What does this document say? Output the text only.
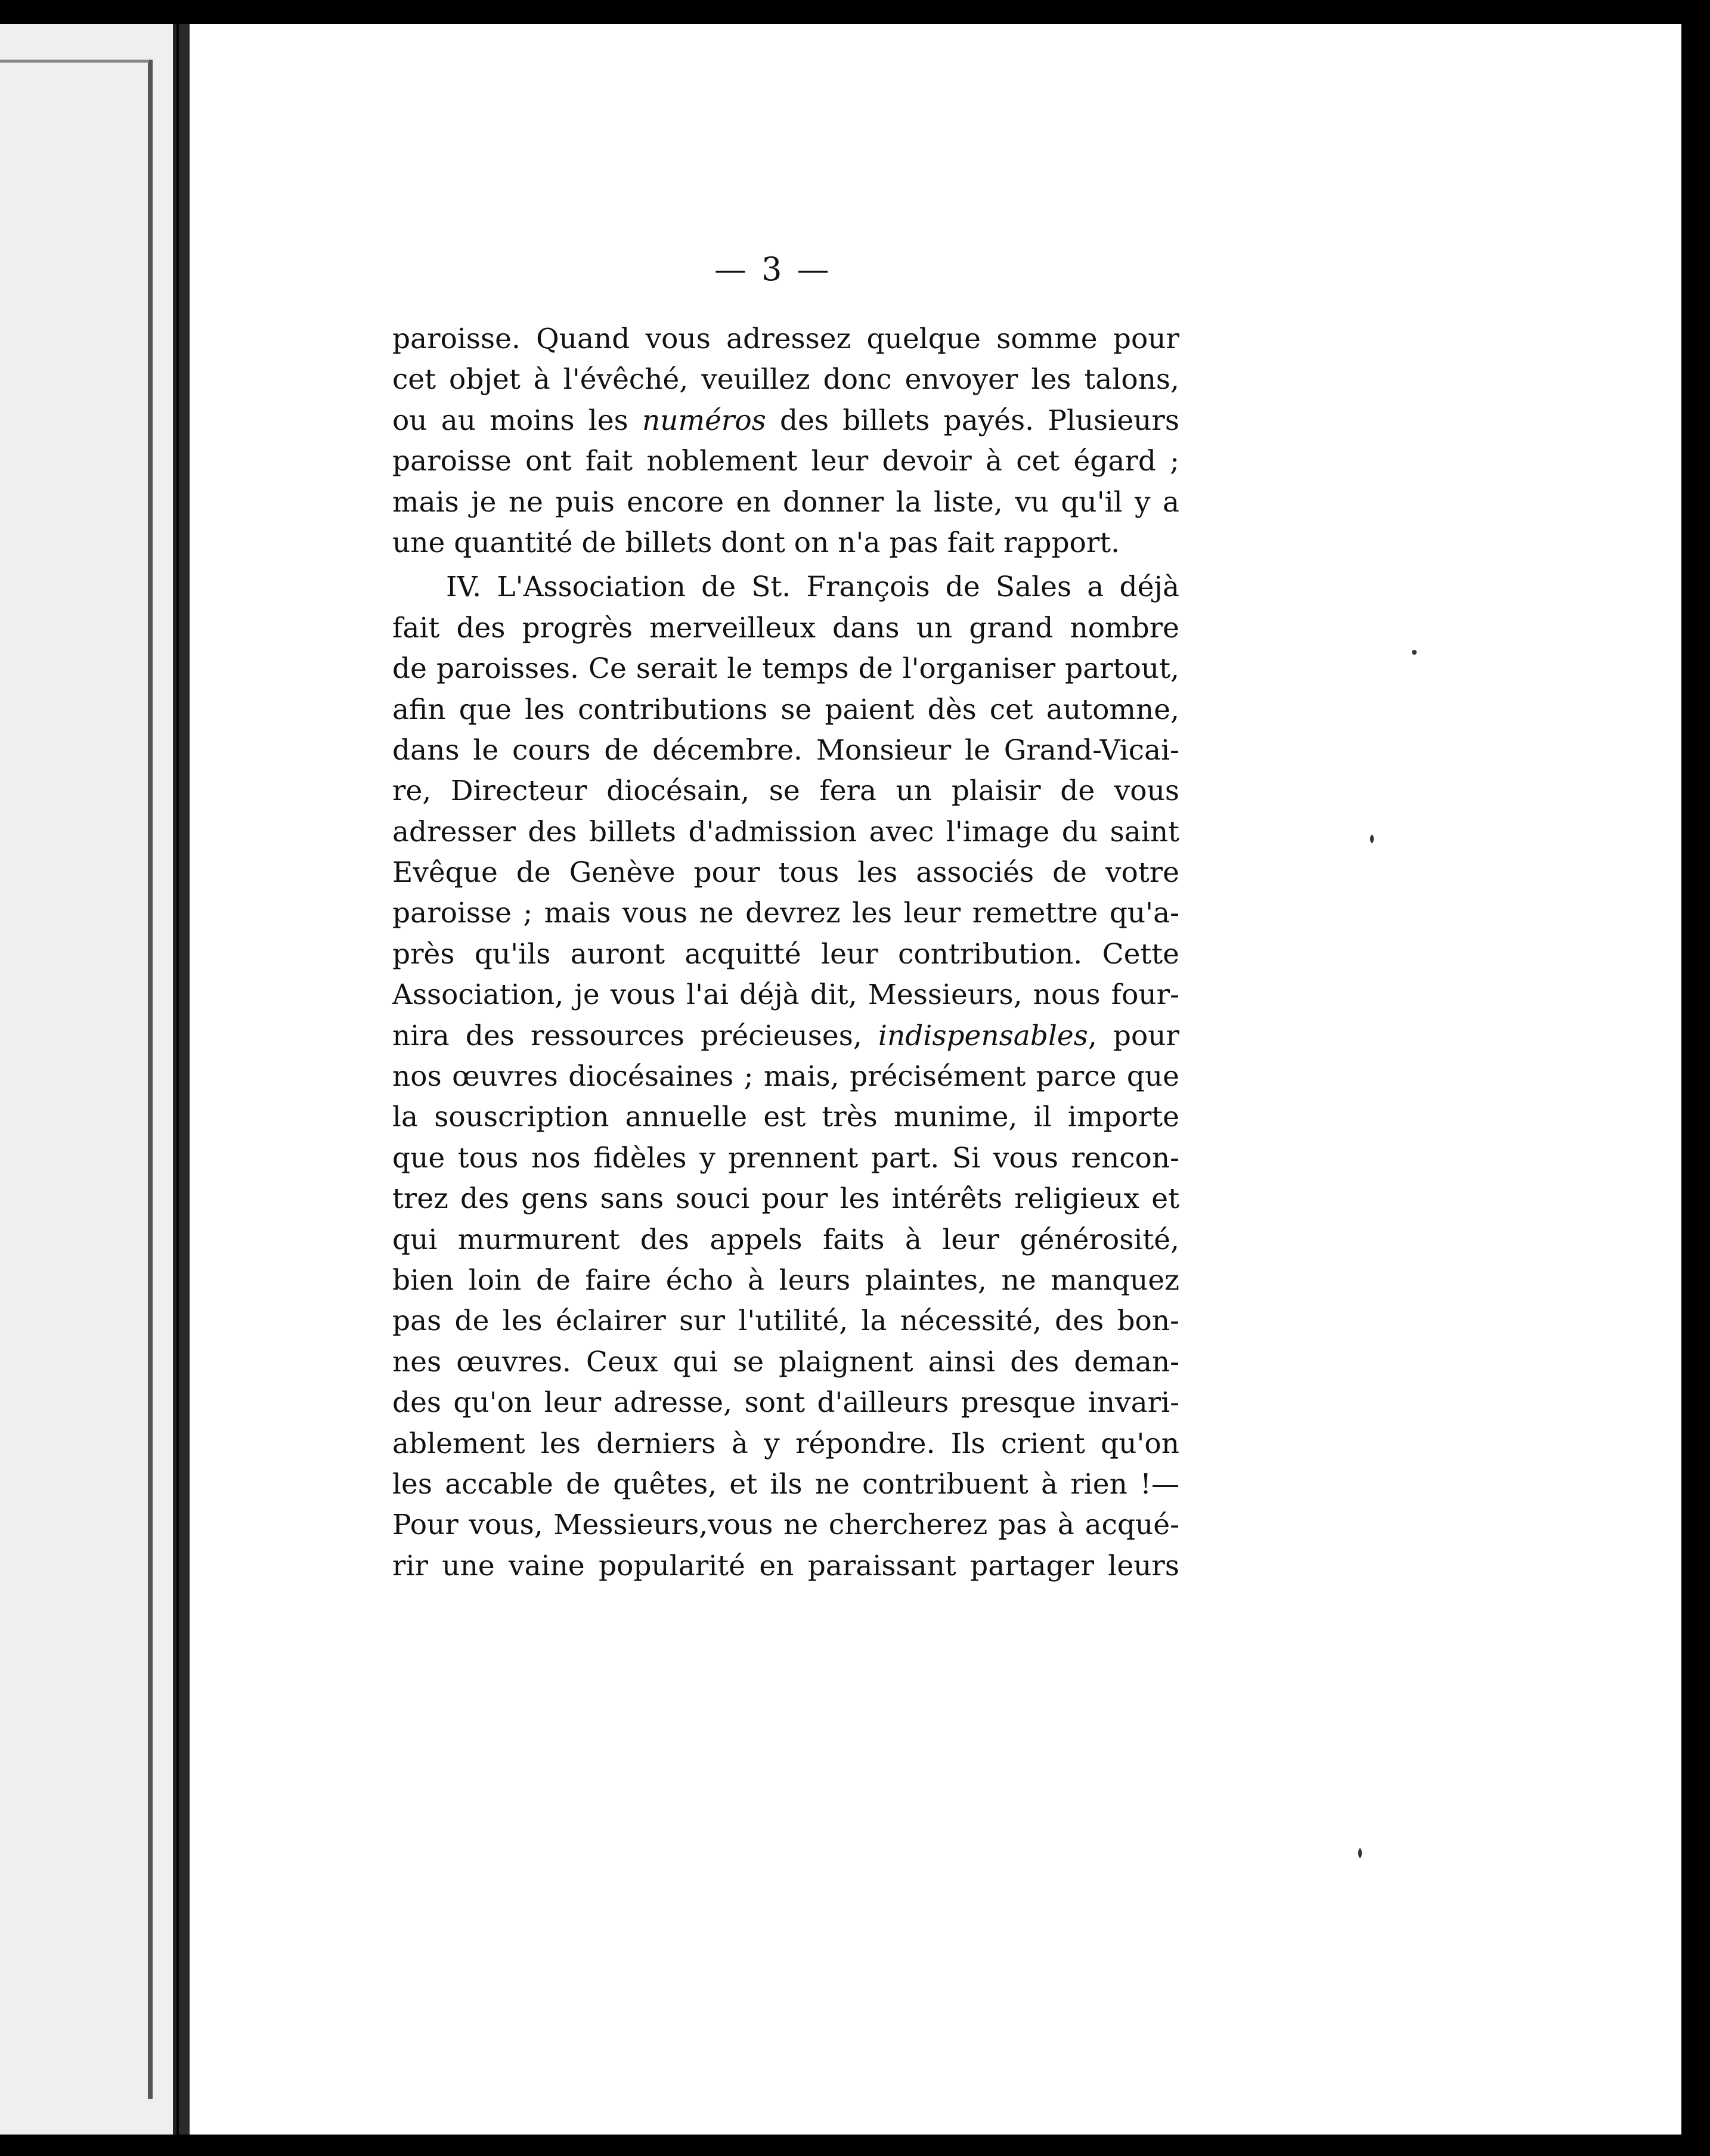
— 3 —
paroisse. Quand vous adressez quelque somme pour
cet objet à l'évêché, veuillez donc envoyer les talons,
ou au moins les numéros des billets payés. Plusieurs
paroisse ont fait noblement leur devoir à cet égard ;
mais je ne puis encore en donner la liste, vu qu'il y a
une quantité de billets dont on n'a pas fait rapport.
IV. L'Association de St. François de Sales a déjà
fait des progrès merveilleux dans un grand nombre
de paroisses. Ce serait le temps de l'organiser partout,
afin que les contributions se paient dès cet automne,
dans le cours de décembre. Monsieur le Grand-Vicai-
re, Directeur diocésain, se fera un plaisir de vous
adresser des billets d'admission avec l'image du saint
Evêque de Genève pour tous les associés de votre
paroisse ; mais vous ne devrez les leur remettre qu'a-
près qu'ils auront acquitté leur contribution. Cette
Association, je vous l'ai déjà dit, Messieurs, nous four-
nira des ressources précieuses, indispensables, pour
nos œuvres diocésaines ; mais, précisément parce que
la souscription annuelle est très munime, il importe
que tous nos fidèles y prennent part. Si vous rencon-
trez des gens sans souci pour les intérêts religieux et
qui murmurent des appels faits à leur générosité,
bien loin de faire écho à leurs plaintes, ne manquez
pas de les éclairer sur l'utilité, la nécessité, des bon-
nes œuvres. Ceux qui se plaignent ainsi des deman-
des qu'on leur adresse, sont d'ailleurs presque invari-
ablement les derniers à y répondre. Ils crient qu'on
les accable de quêtes, et ils ne contribuent à rien !—
Pour vous, Messieurs,vous ne chercherez pas à acqué-
rir une vaine popularité en paraissant partager leurs
